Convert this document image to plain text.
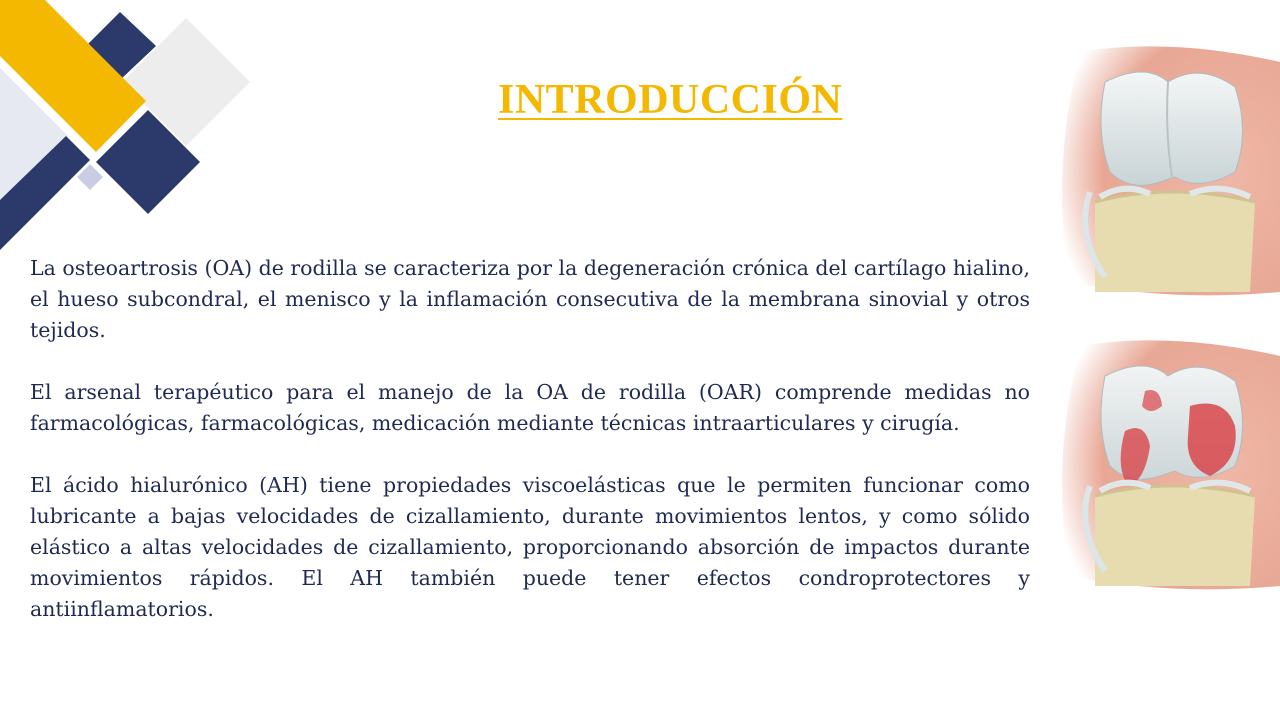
INTRODUCCIÓN

La osteoartrosis (OA) de rodilla se caracteriza por la degeneración crónica del cartílago hialino, el hueso subcondral, el menisco y la inflamación consecutiva de la membrana sinovial y otros tejidos.

El arsenal terapéutico para el manejo de la OA de rodilla (OAR) comprende medidas no farmacológicas, farmacológicas, medicación mediante técnicas intraarticulares y cirugía.

El ácido hialurónico (AH) tiene propiedades viscoelásticas que le permiten funcionar como lubricante a bajas velocidades de cizallamiento, durante movimientos lentos, y como sólido elástico a altas velocidades de cizallamiento, proporcionando absorción de impactos durante movimientos rápidos. El AH también puede tener efectos condroprotectores y antiinflamatorios.
